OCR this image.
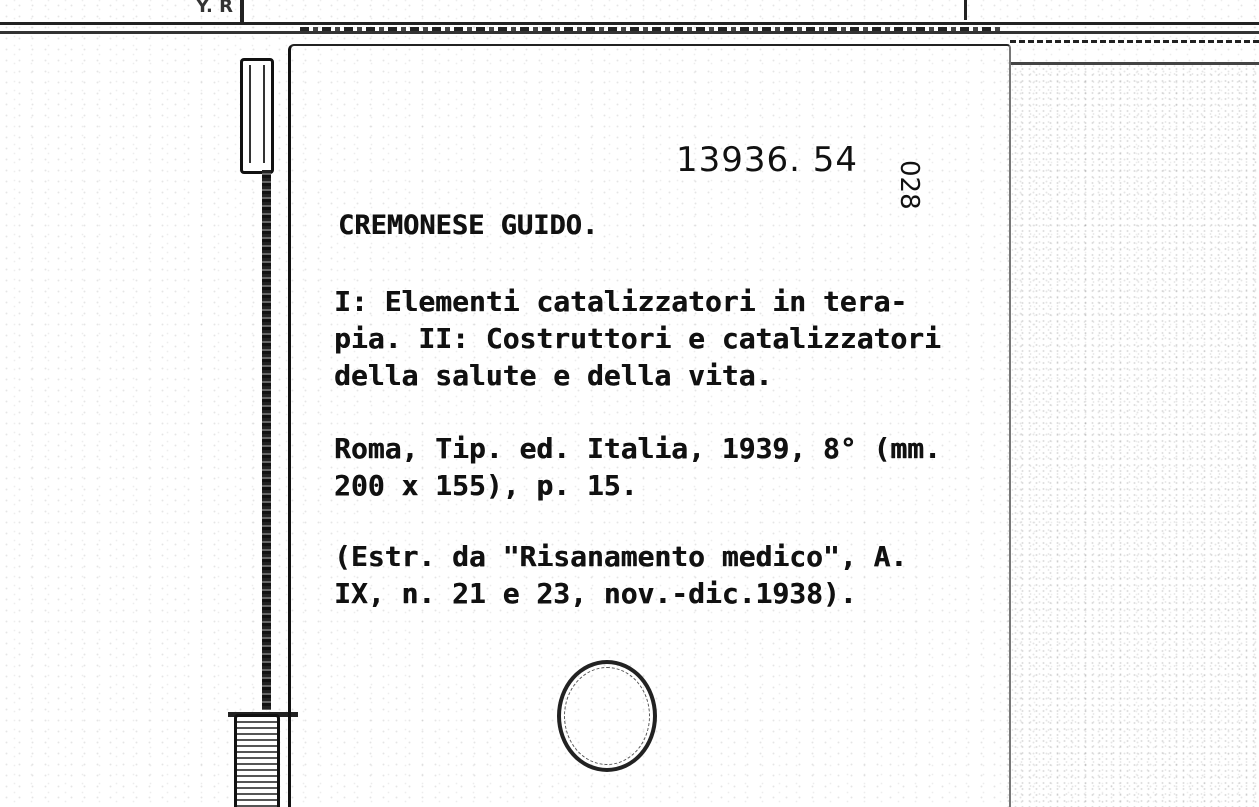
Y. R
13936. 54 028
CREMONESE GUIDO.
I: Elementi catalizzatori in tera-
pia. II: Costruttori e catalizzatori
della salute e della vita.
Roma, Tip. ed. Italia, 1939, 8° (mm.
200 x 155), p. 15.
(Estr. da "Risanamento medico", A.
IX, n. 21 e 23, nov.-dic.1938).
